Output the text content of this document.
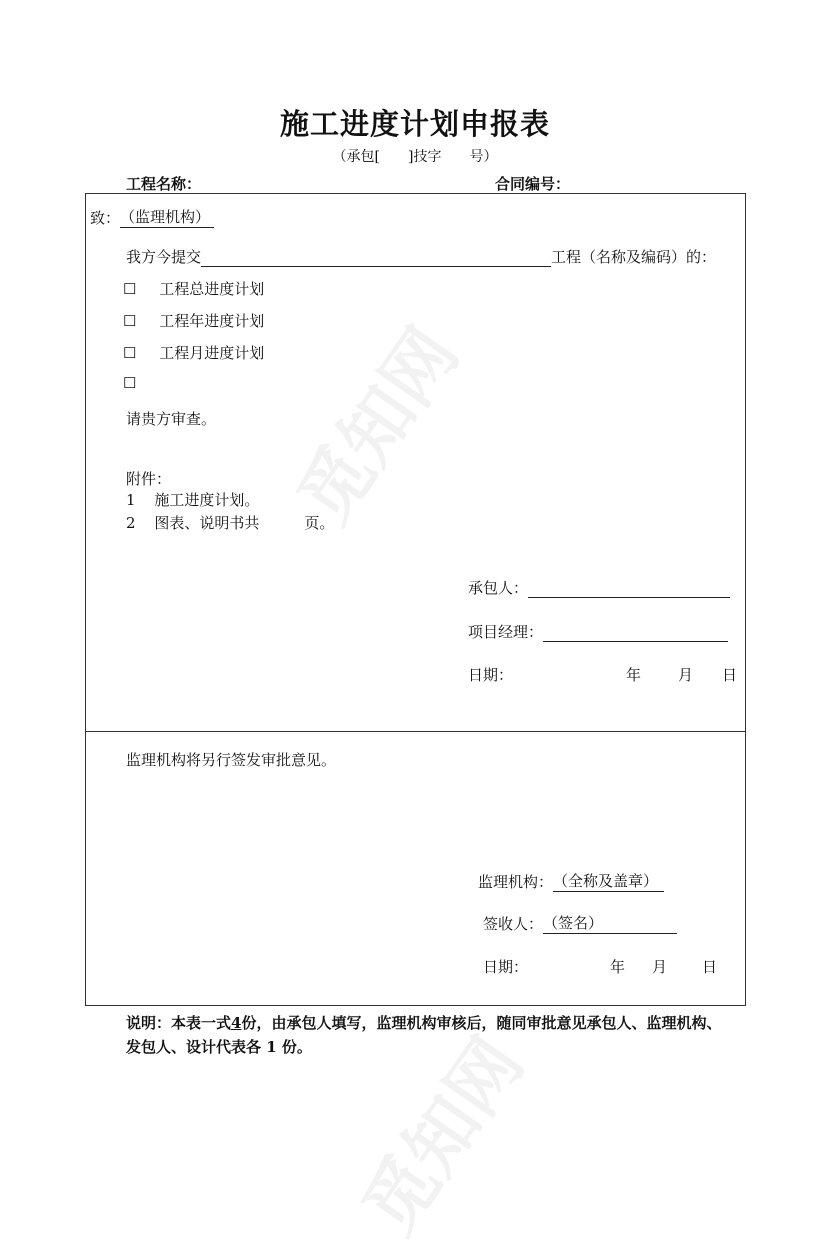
觅知网
觅知网
施工进度计划申报表
（承包[　　]技字　　号）
工程名称：	合同编号：
致：（监理机构）
我方今提交	工程（名称及编码）的：
☐ 工程总进度计划
☐ 工程年进度计划
☐ 工程月进度计划
☐
请贵方审查。
附件：
1 施工进度计划。
2 图表、说明书共　　　页。
承包人：
项目经理：
日期：	年 月 日
监理机构将另行签发审批意见。
监理机构：（全称及盖章）
签收人：（签名）
日期：	年 月 日
说明：本表一式4份，由承包人填写，监理机构审核后，随同审批意见承包人、监理机构、发包人、设计代表各 1 份。
